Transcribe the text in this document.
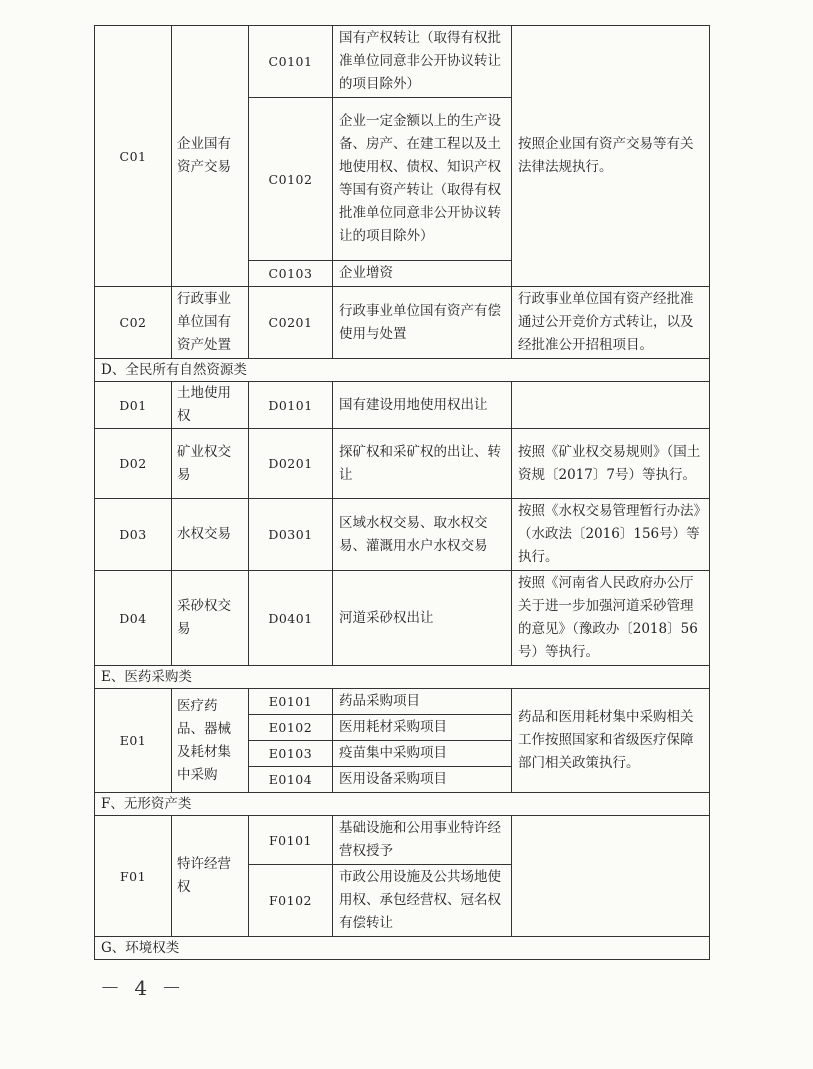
C01	企业国有资产交易	C0101	国有产权转让（取得有权批准单位同意非公开协议转让的项目除外）	按照企业国有资产交易等有关法律法规执行。
		C0102	企业一定金额以上的生产设备、房产、在建工程以及土地使用权、债权、知识产权等国有资产转让（取得有权批准单位同意非公开协议转让的项目除外）	
		C0103	企业增资	
C02	行政事业单位国有资产处置	C0201	行政事业单位国有资产有偿使用与处置	行政事业单位国有资产经批准通过公开竞价方式转让，以及经批准公开招租项目。
D、全民所有自然资源类				
D01	土地使用权	D0101	国有建设用地使用权出让	
D02	矿业权交易	D0201	探矿权和采矿权的出让、转让	按照《矿业权交易规则》（国土资规〔2017〕7号）等执行。
D03	水权交易	D0301	区域水权交易、取水权交易、灌溉用水户水权交易	按照《水权交易管理暂行办法》（水政法〔2016〕156号）等执行。
D04	采砂权交易	D0401	河道采砂权出让	按照《河南省人民政府办公厅关于进一步加强河道采砂管理的意见》（豫政办〔2018〕56号）等执行。
E、医药采购类				
E01	医疗药品、器械及耗材集中采购	E0101	药品采购项目	药品和医用耗材集中采购相关工作按照国家和省级医疗保障部门相关政策执行。
		E0102	医用耗材采购项目	
		E0103	疫苗集中采购项目	
		E0104	医用设备采购项目	
F、无形资产类				
F01	特许经营权	F0101	基础设施和公用事业特许经营权授予	
		F0102	市政公用设施及公共场地使用权、承包经营权、冠名权有偿转让	
G、环境权类				
－ 4 －
